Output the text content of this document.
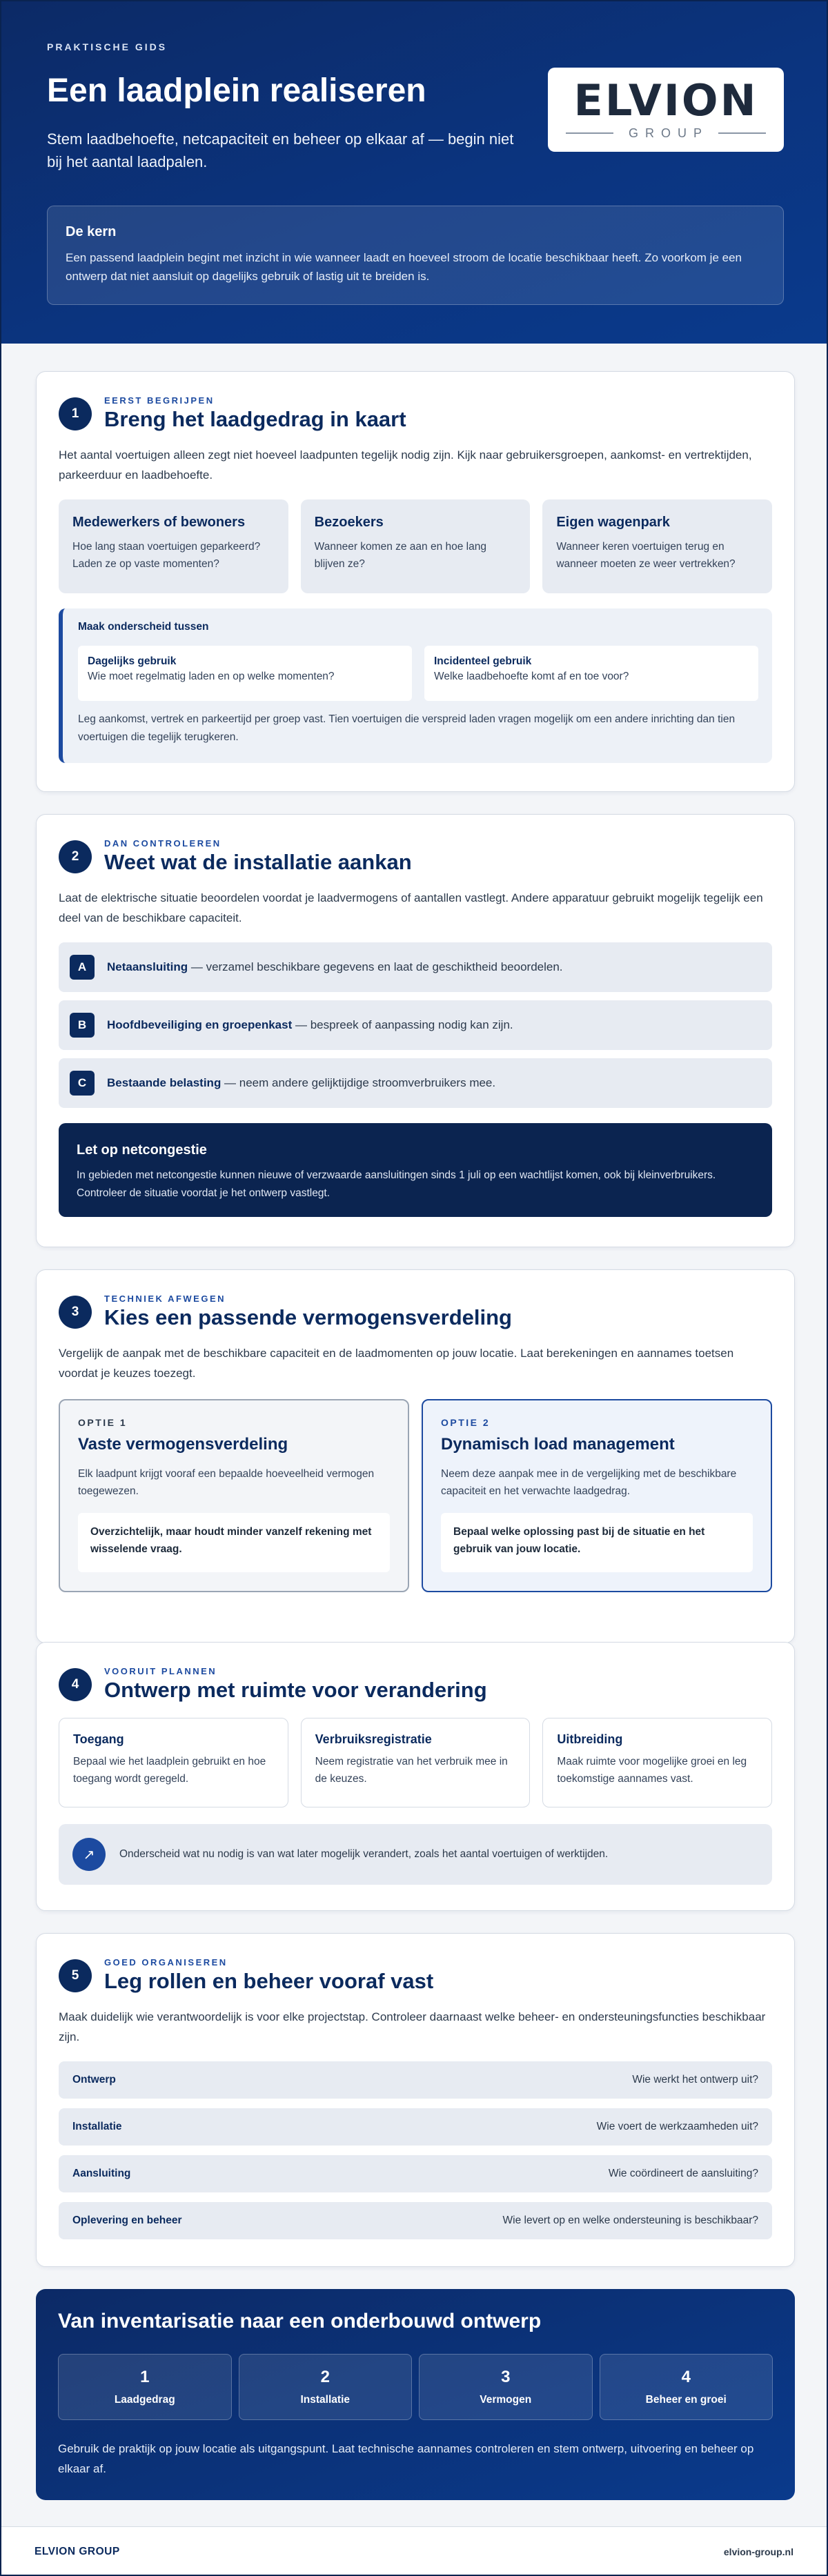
PRAKTISCHE GIDS
Een laadplein realiseren

Stem laadbehoefte, netcapaciteit en beheer op elkaar af — begin niet bij het aantal laadpalen.

ELVION
GROUP
De kern

Een passend laadplein begint met inzicht in wie wanneer laadt en hoeveel stroom de locatie beschikbaar heeft. Zo voorkom je een ontwerp dat niet aansluit op dagelijks gebruik of lastig uit te breiden is.

1
EERST BEGRIJPEN
Breng het laadgedrag in kaart

Het aantal voertuigen alleen zegt niet hoeveel laadpunten tegelijk nodig zijn. Kijk naar gebruikersgroepen, aankomst- en vertrektijden, parkeerduur en laadbehoefte.

Medewerkers of bewoners

Hoe lang staan voertuigen geparkeerd? Laden ze op vaste momenten?

Bezoekers

Wanneer komen ze aan en hoe lang blijven ze?

Eigen wagenpark

Wanneer keren voertuigen terug en wanneer moeten ze weer vertrekken?

Maak onderscheid tussen
Dagelijks gebruik
Wie moet regelmatig laden en op welke momenten?
Incidenteel gebruik
Welke laadbehoefte komt af en toe voor?

Leg aankomst, vertrek en parkeertijd per groep vast. Tien voertuigen die verspreid laden vragen mogelijk om een andere inrichting dan tien voertuigen die tegelijk terugkeren.

2
DAN CONTROLEREN
Weet wat de installatie aankan

Laat de elektrische situatie beoordelen voordat je laadvermogens of aantallen vastlegt. Andere apparatuur gebruikt mogelijk tegelijk een deel van de beschikbare capaciteit.

A	Netaansluiting — verzamel beschikbare gegevens en laat de geschiktheid beoordelen.
B	Hoofdbeveiliging en groepenkast — bespreek of aanpassing nodig kan zijn.
C	Bestaande belasting — neem andere gelijktijdige stroomverbruikers mee.
Let op netcongestie

In gebieden met netcongestie kunnen nieuwe of verzwaarde aansluitingen sinds 1 juli op een wachtlijst komen, ook bij kleinverbruikers. Controleer de situatie voordat je het ontwerp vastlegt.

3
TECHNIEK AFWEGEN
Kies een passende vermogensverdeling

Vergelijk de aanpak met de beschikbare capaciteit en de laadmomenten op jouw locatie. Laat berekeningen en aannames toetsen voordat je keuzes toezegt.

OPTIE 1
Vaste vermogensverdeling

Elk laadpunt krijgt vooraf een bepaalde hoeveelheid vermogen toegewezen.

Overzichtelijk, maar houdt minder vanzelf rekening met wisselende vraag.
OPTIE 2
Dynamisch load management

Neem deze aanpak mee in de vergelijking met de beschikbare capaciteit en het verwachte laadgedrag.

Bepaal welke oplossing past bij de situatie en het gebruik van jouw locatie.
4
VOORUIT PLANNEN
Ontwerp met ruimte voor verandering
Toegang

Bepaal wie het laadplein gebruikt en hoe toegang wordt geregeld.

Verbruiksregistratie

Neem registratie van het verbruik mee in de keuzes.

Uitbreiding

Maak ruimte voor mogelijke groei en leg toekomstige aannames vast.

↗	Onderscheid wat nu nodig is van wat later mogelijk verandert, zoals het aantal voertuigen of werktijden.
5
GOED ORGANISEREN
Leg rollen en beheer vooraf vast

Maak duidelijk wie verantwoordelijk is voor elke projectstap. Controleer daarnaast welke beheer- en ondersteuningsfuncties beschikbaar zijn.

Ontwerp	Wie werkt het ontwerp uit?
Installatie	Wie voert de werkzaamheden uit?
Aansluiting	Wie coördineert de aansluiting?
Oplevering en beheer	Wie levert op en welke ondersteuning is beschikbaar?
Van inventarisatie naar een onderbouwd ontwerp
1
Laadgedrag
2
Installatie
3
Vermogen
4
Beheer en groei

Gebruik de praktijk op jouw locatie als uitgangspunt. Laat technische aannames controleren en stem ontwerp, uitvoering en beheer op elkaar af.

ELVION GROUP	elvion-group.nl
